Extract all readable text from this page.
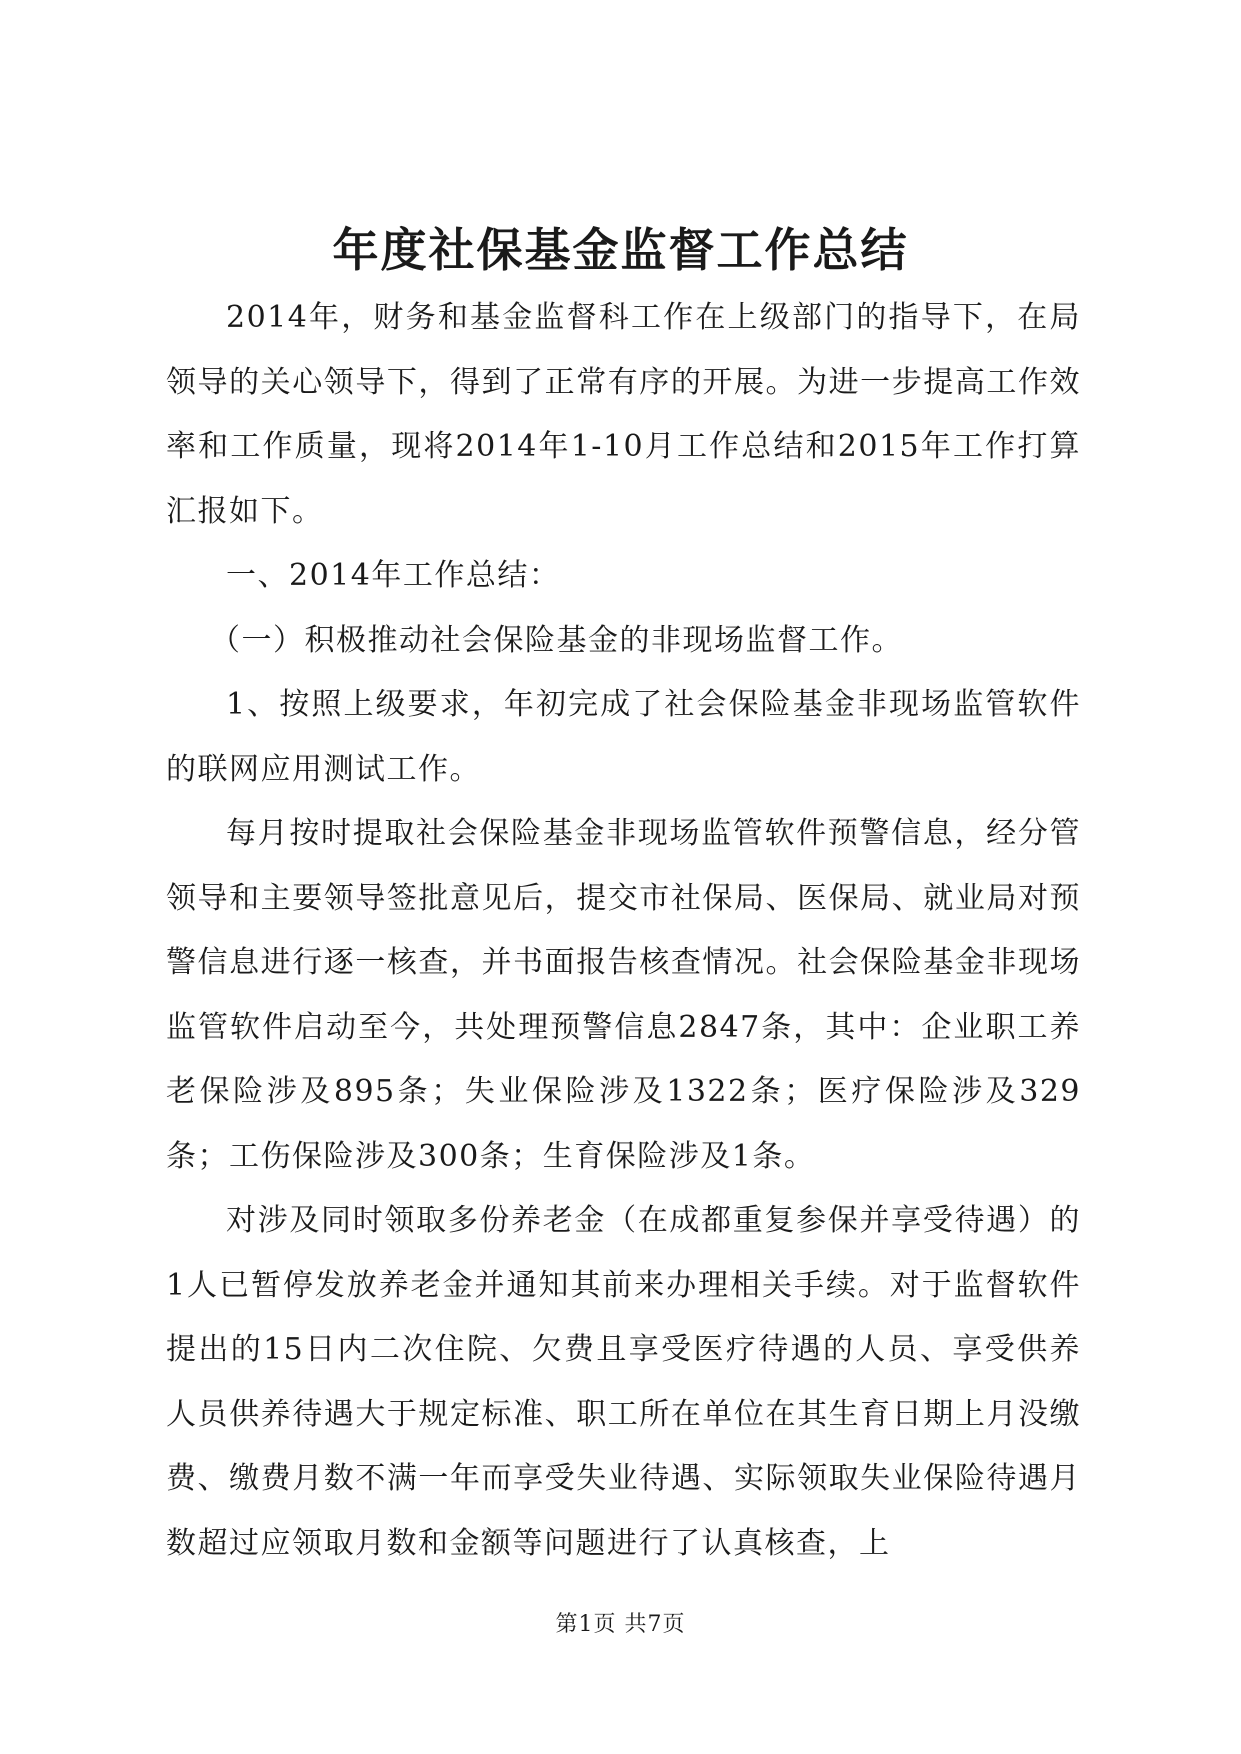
年度社保基金监督工作总结

2014年，财务和基金监督科工作在上级部门的指导下，在局领导的关心领导下，得到了正常有序的开展。为进一步提高工作效率和工作质量，现将2014年1-10月工作总结和2015年工作打算汇报如下。

一、2014年工作总结：

（一）积极推动社会保险基金的非现场监督工作。

1、按照上级要求，年初完成了社会保险基金非现场监管软件的联网应用测试工作。

每月按时提取社会保险基金非现场监管软件预警信息，经分管领导和主要领导签批意见后，提交市社保局、医保局、就业局对预警信息进行逐一核查，并书面报告核查情况。社会保险基金非现场监管软件启动至今，共处理预警信息2847条，其中：企业职工养老保险涉及895条；失业保险涉及1322条；医疗保险涉及329条；工伤保险涉及300条；生育保险涉及1条。

对涉及同时领取多份养老金（在成都重复参保并享受待遇）的1人已暂停发放养老金并通知其前来办理相关手续。对于监督软件提出的15日内二次住院、欠费且享受医疗待遇的人员、享受供养人员供养待遇大于规定标准、职工所在单位在其生育日期上月没缴费、缴费月数不满一年而享受失业待遇、实际领取失业保险待遇月数超过应领取月数和金额等问题进行了认真核查，上

第1页 共7页
